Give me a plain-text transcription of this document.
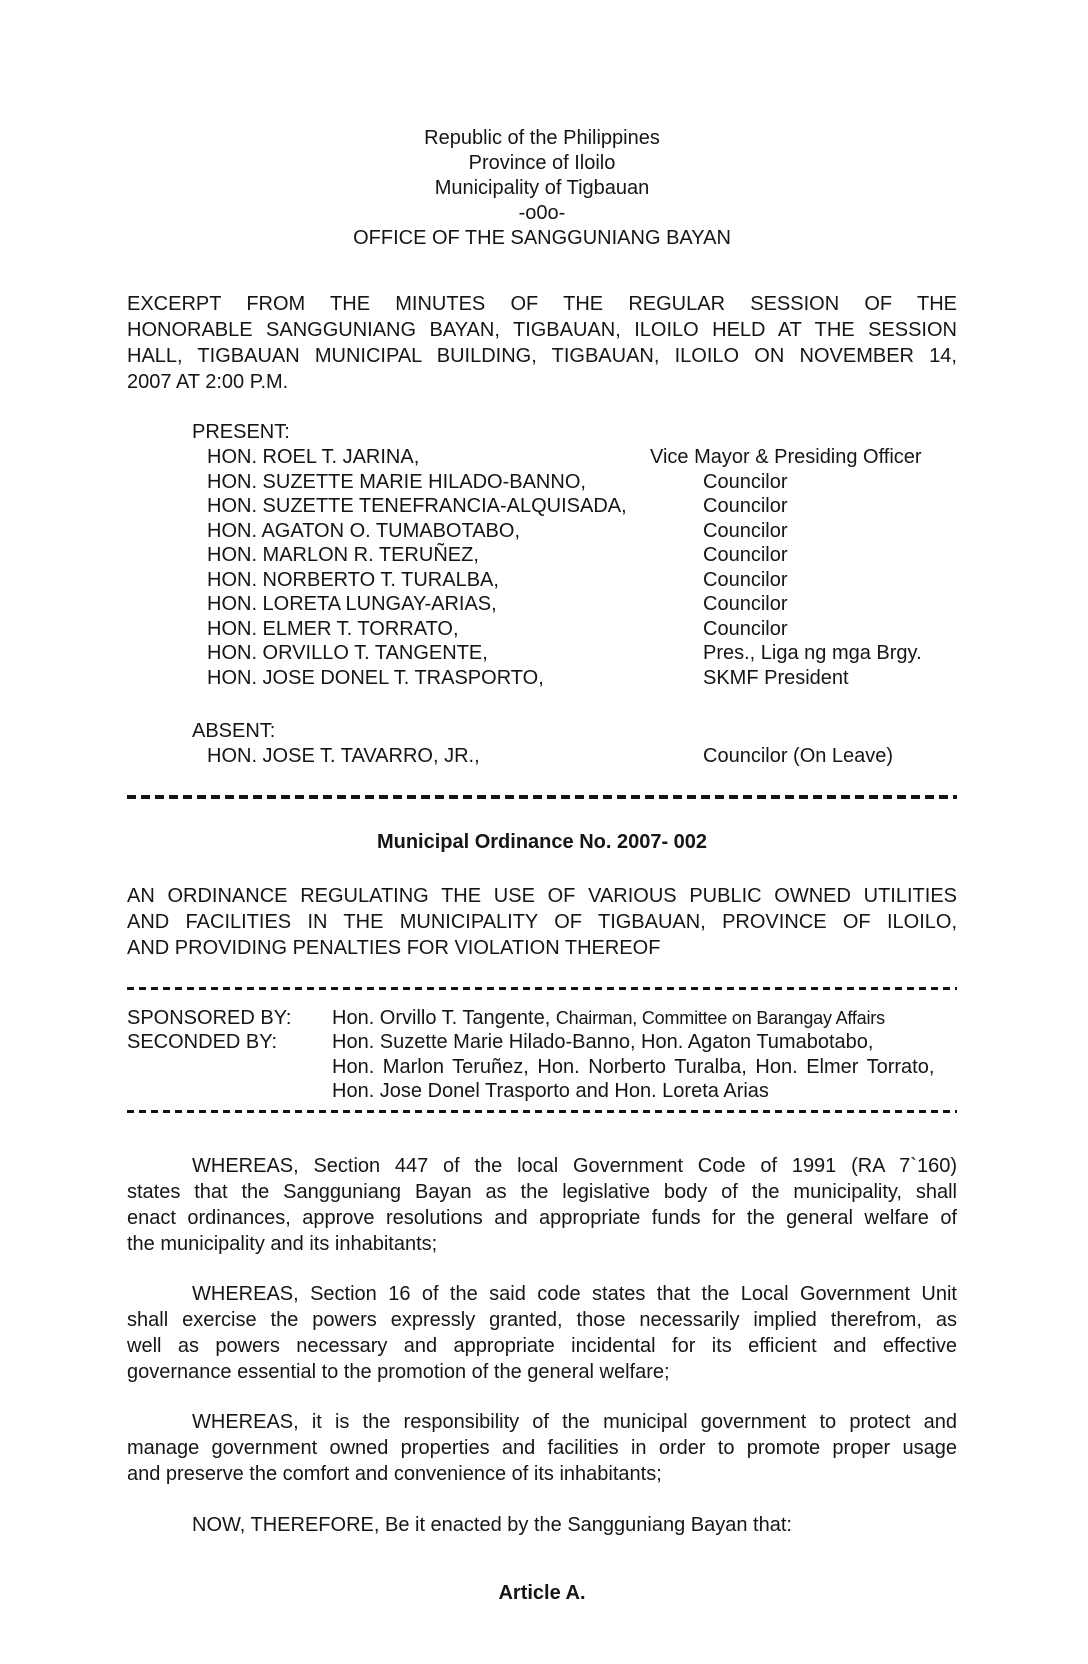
Republic of the Philippines
Province of Iloilo
Municipality of Tigbauan
-o0o-
OFFICE OF THE SANGGUNIANG BAYAN
EXCERPT FROM THE MINUTES OF THE REGULAR SESSION OF THE
HONORABLE SANGGUNIANG BAYAN, TIGBAUAN, ILOILO HELD AT THE SESSION
HALL, TIGBAUAN MUNICIPAL BUILDING, TIGBAUAN, ILOILO ON NOVEMBER 14,
2007 AT 2:00 P.M.
PRESENT:
HON. ROEL T. JARINA,	Vice Mayor & Presiding Officer
HON. SUZETTE MARIE HILADO-BANNO,	Councilor
HON. SUZETTE TENEFRANCIA-ALQUISADA,	Councilor
HON. AGATON O. TUMABOTABO,	Councilor
HON. MARLON R. TERUÑEZ,	Councilor
HON. NORBERTO T. TURALBA,	Councilor
HON. LORETA LUNGAY-ARIAS,	Councilor
HON. ELMER T. TORRATO,	Councilor
HON. ORVILLO T. TANGENTE,	Pres., Liga ng mga Brgy.
HON. JOSE DONEL T. TRASPORTO,	SKMF President
ABSENT:
HON. JOSE T. TAVARRO, JR.,	Councilor (On Leave)
Municipal Ordinance No. 2007- 002
AN ORDINANCE REGULATING THE USE OF VARIOUS PUBLIC OWNED UTILITIES
AND FACILITIES IN THE MUNICIPALITY OF TIGBAUAN, PROVINCE OF ILOILO,
AND PROVIDING PENALTIES FOR VIOLATION THEREOF
SPONSORED BY:	Hon. Orvillo T. Tangente, Chairman, Committee on Barangay Affairs
SECONDED BY:	Hon. Suzette Marie Hilado-Banno, Hon. Agaton Tumabotabo,
Hon. Marlon Teruñez, Hon. Norberto Turalba, Hon. Elmer Torrato,
Hon. Jose Donel Trasporto and Hon. Loreta Arias
WHEREAS, Section 447 of the local Government Code of 1991 (RA 7`160)
states that the Sangguniang Bayan as the legislative body of the municipality, shall
enact ordinances, approve resolutions and appropriate funds for the general welfare of
the municipality and its inhabitants;
WHEREAS, Section 16 of the said code states that the Local Government Unit
shall exercise the powers expressly granted, those necessarily implied therefrom, as
well as powers necessary and appropriate incidental for its efficient and effective
governance essential to the promotion of the general welfare;
WHEREAS, it is the responsibility of the municipal government to protect and
manage government owned properties and facilities in order to promote proper usage
and preserve the comfort and convenience of its inhabitants;
NOW, THEREFORE, Be it enacted by the Sangguniang Bayan that:
Article A.
